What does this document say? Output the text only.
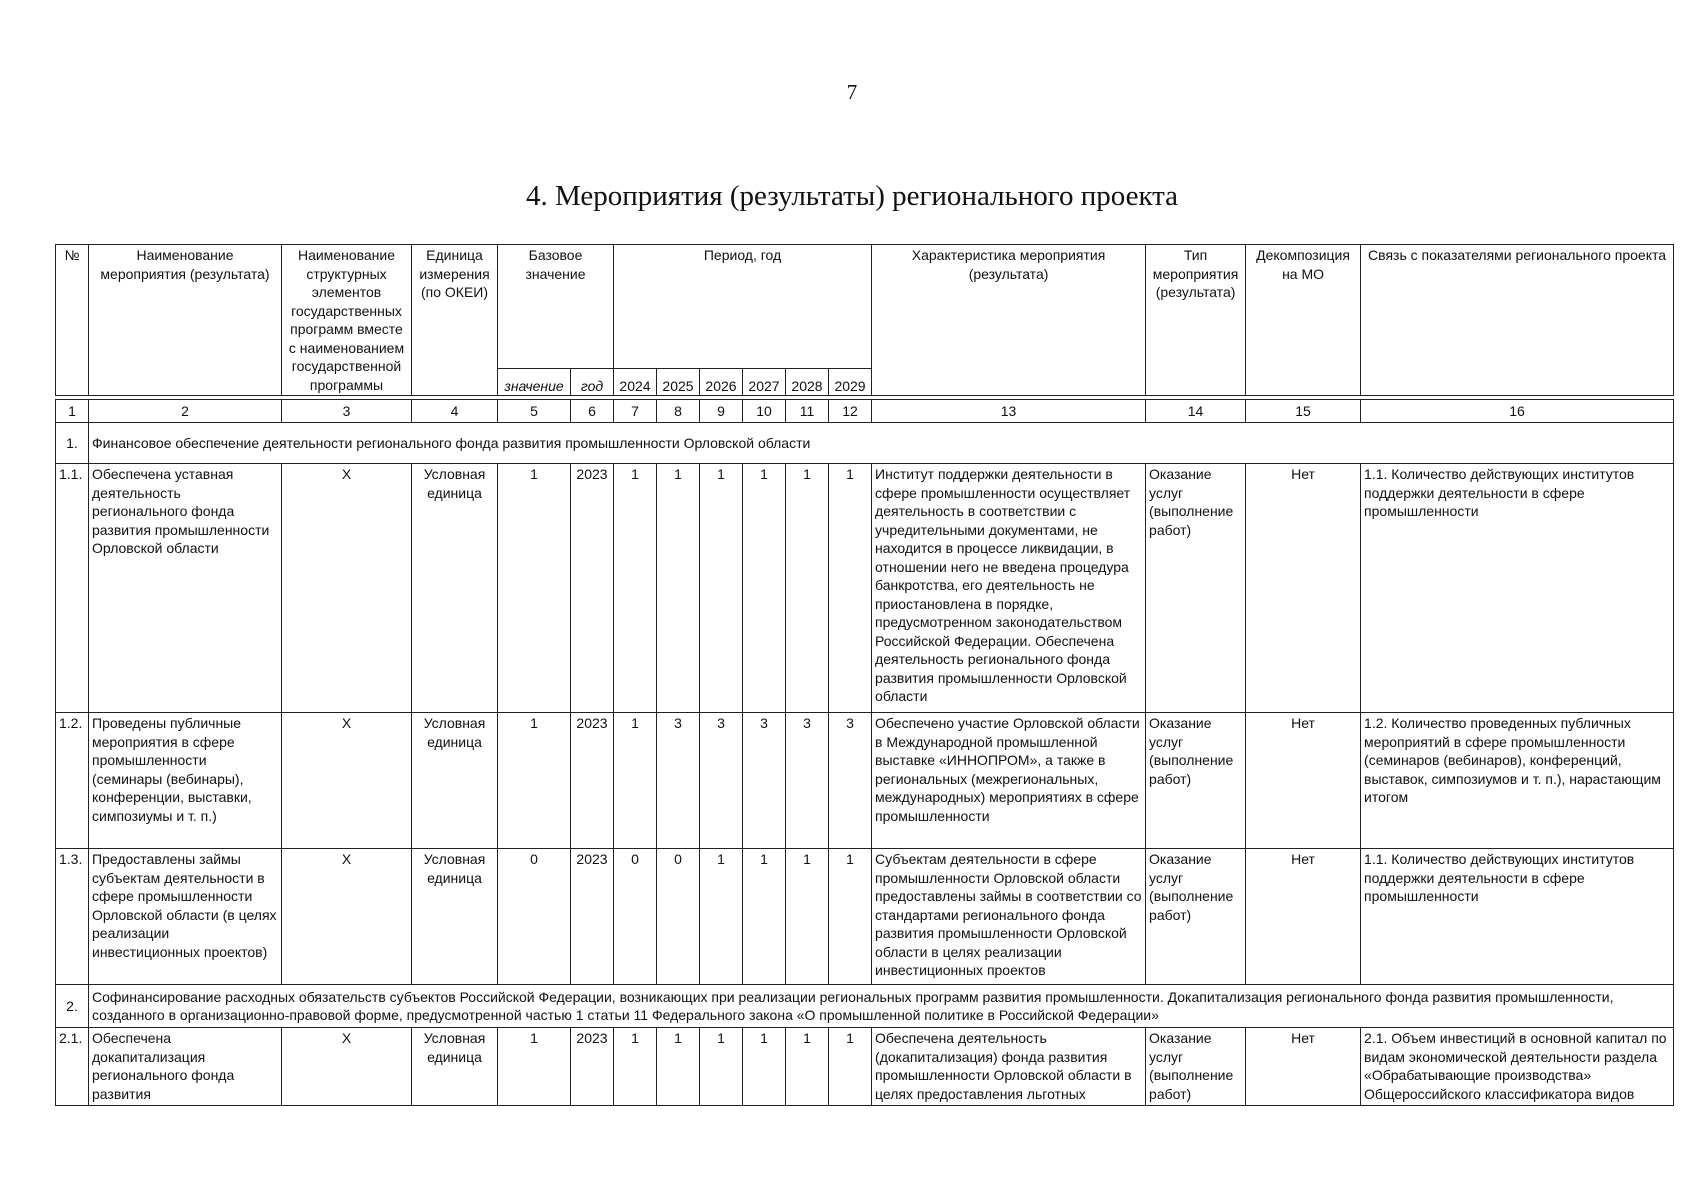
7
4. Мероприятия (результаты) регионального проекта
№	Наименование мероприятия (результата)	Наименование структурных элементов государственных программ вместе с наименованием государственной программы	Единица измерения (по ОКЕИ)	Базовое значение		Период, год						Характеристика мероприятия (результата)	Тип мероприятия (результата)	Декомпозиция на МО	Связь с показателями регионального проекта
				значение	год	2024	2025	2026	2027	2028	2029				

1	2	3	4	5	6	7	8	9	10	11	12	13	14	15	16
1.	Финансовое обеспечение деятельности регионального фонда развития промышленности Орловской области														
1.1.	Обеспечена уставная деятельность регионального фонда развития промышленности Орловской области	X	Условная единица	1	2023	1	1	1	1	1	1	Институт поддержки деятельности в сфере промышленности осуществляет деятельность в соответствии с учредительными документами, не находится в процессе ликвидации, в отношении него не введена процедура банкротства, его деятельность не приостановлена в порядке, предусмотренном законодательством Российской Федерации. Обеспечена деятельность регионального фонда развития промышленности Орловской области	Оказание услуг (выполнение работ)	Нет	1.1. Количество действующих институтов поддержки деятельности в сфере промышленности
1.2.	Проведены публичные мероприятия в сфере промышленности (семинары (вебинары), конференции, выставки, симпозиумы и т. п.)	X	Условная единица	1	2023	1	3	3	3	3	3	Обеспечено участие Орловской области в Международной промышленной выставке «ИННОПРОМ», а также в региональных (межрегиональных, международных) мероприятиях в сфере промышленности	Оказание услуг (выполнение работ)	Нет	1.2. Количество проведенных публичных мероприятий в сфере промышленности (семинаров (вебинаров), конференций, выставок, симпозиумов и т. п.), нарастающим итогом
1.3.	Предоставлены займы субъектам деятельности в сфере промышленности Орловской области (в целях реализации инвестиционных проектов)	X	Условная единица	0	2023	0	0	1	1	1	1	Субъектам деятельности в сфере промышленности Орловской области предоставлены займы в соответствии со стандартами регионального фонда развития промышленности Орловской области в целях реализации инвестиционных проектов	Оказание услуг (выполнение работ)	Нет	1.1. Количество действующих институтов поддержки деятельности в сфере промышленности
2.	Софинансирование расходных обязательств субъектов Российской Федерации, возникающих при реализации региональных программ развития промышленности. Докапитализация регионального фонда развития промышленности, созданного в организационно-правовой форме, предусмотренной частью 1 статьи 11 Федерального закона «О промышленной политике в Российской Федерации»														
2.1.	Обеспечена докапитализация регионального фонда развития	X	Условная единица	1	2023	1	1	1	1	1	1	Обеспечена деятельность (докапитализация) фонда развития промышленности Орловской области в целях предоставления льготных	Оказание услуг (выполнение работ)	Нет	2.1. Объем инвестиций в основной капитал по видам экономической деятельности раздела «Обрабатывающие производства» Общероссийского классификатора видов
